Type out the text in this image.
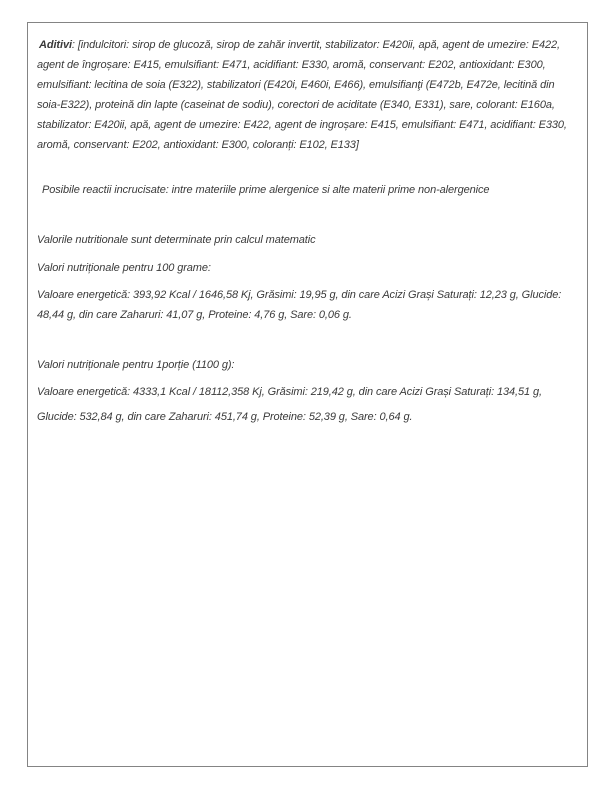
Aditivi: [indulcitori: sirop de glucoză, sirop de zahăr invertit, stabilizator: E420ii, apă, agent de umezire: E422, agent de îngroșare: E415, emulsifiant: E471, acidifiant: E330, aromă, conservant: E202, antioxidant: E300, emulsifiant: lecitina de soia (E322), stabilizatori (E420i, E460i, E466), emulsifianţi (E472b, E472e, lecitină din soia-E322), proteină din lapte (caseinat de sodiu), corectori de aciditate (E340, E331), sare, colorant: E160a, stabilizator: E420ii, apă, agent de umezire: E422, agent de ingroșare: E415, emulsifiant: E471, acidifiant: E330, aromă, conservant: E202, antioxidant: E300, coloranți: E102, E133]

Posibile reactii incrucisate: intre materiile prime alergenice si alte materii prime non-alergenice

Valorile nutritionale sunt determinate prin calcul matematic

Valori nutriționale pentru 100 grame:

Valoare energetică: 393,92 Kcal / 1646,58 Kj, Grăsimi: 19,95 g, din care Acizi Grași Saturați: 12,23 g, Glucide: 48,44 g, din care Zaharuri: 41,07 g, Proteine: 4,76 g, Sare: 0,06 g.

Valori nutriționale pentru 1porție (1100 g):

Valoare energetică: 4333,1 Kcal / 18112,358 Kj, Grăsimi: 219,42 g, din care Acizi Grași Saturați: 134,51 g, Glucide: 532,84 g, din care Zaharuri: 451,74 g, Proteine: 52,39 g, Sare: 0,64 g.
